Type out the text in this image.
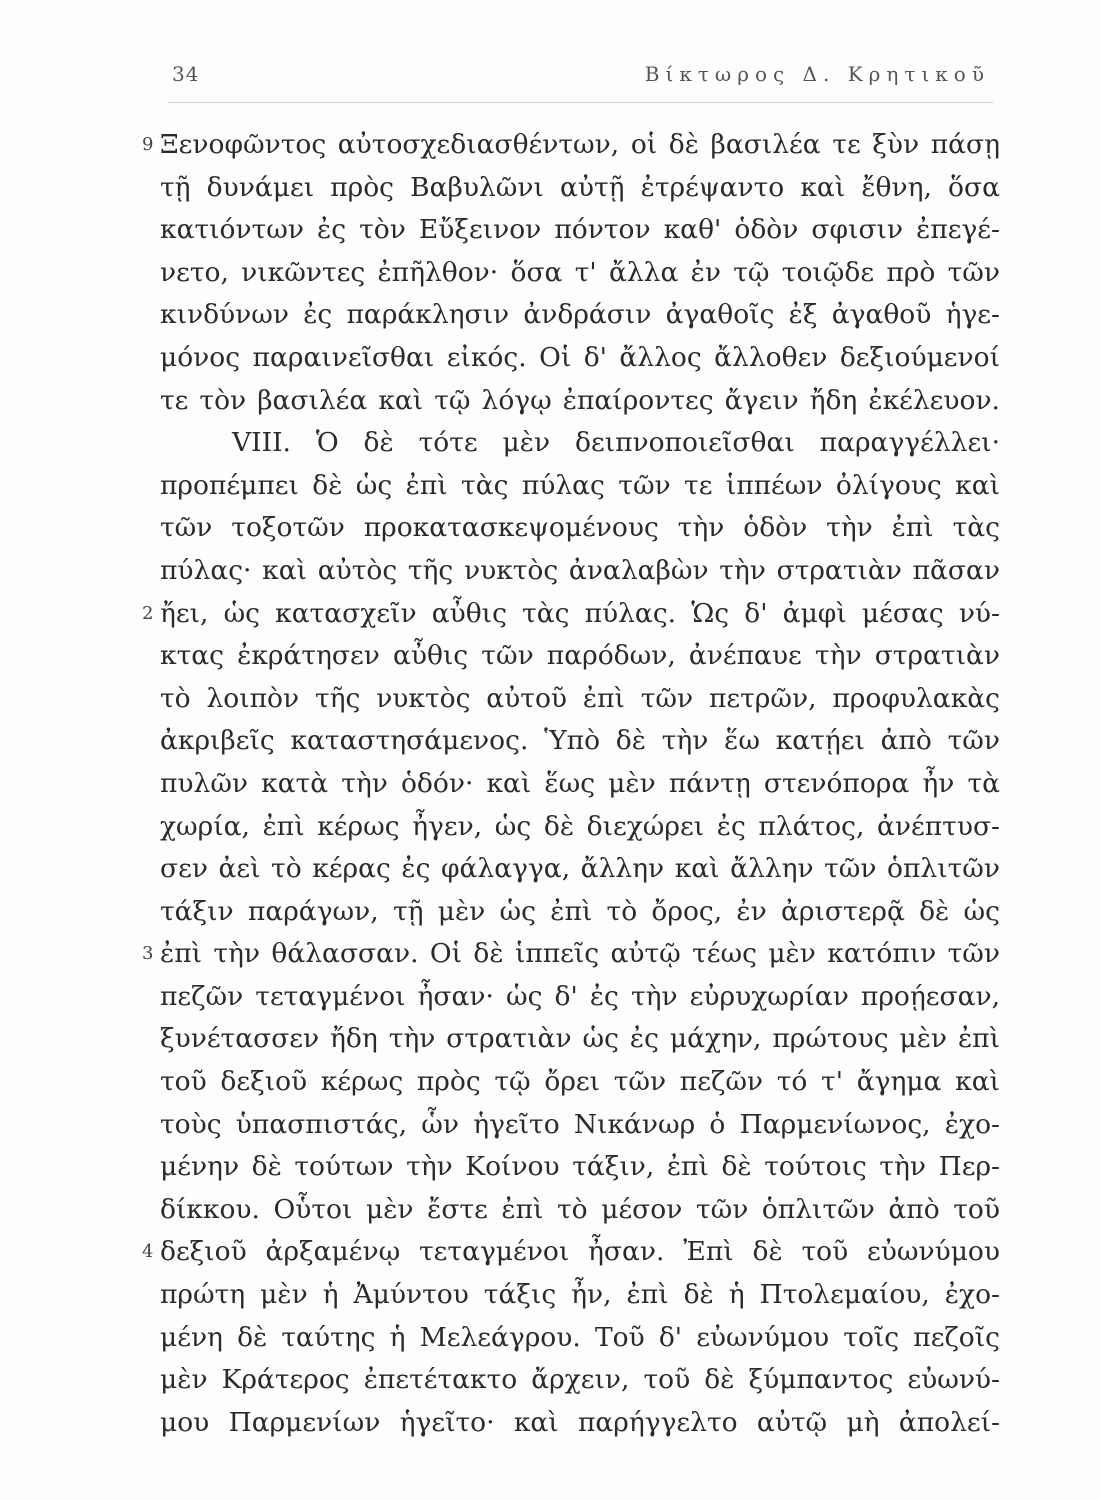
34	Βίκτωρος Δ. Κρητικοῦ
9 Ξενοφῶντος αὐτοσχεδιασθέντων, οἱ δὲ βασιλέα τε ξὺν πάσῃ
τῇ δυνάμει πρὸς Βαβυλῶνι αὐτῇ ἐτρέψαντο καὶ ἔθνη, ὅσα
κατιόντων ἐς τὸν Εὔξεινον πόντον καθ' ὁδὸν σφισιν ἐπεγέ-
νετο, νικῶντες ἐπῆλθον· ὅσα τ' ἄλλα ἐν τῷ τοιῷδε πρὸ τῶν
κινδύνων ἐς παράκλησιν ἀνδράσιν ἀγαθοῖς ἐξ ἀγαθοῦ ἡγε-
μόνος παραινεῖσθαι εἰκός. Οἱ δ' ἄλλος ἄλλοθεν δεξιούμενοί
τε τὸν βασιλέα καὶ τῷ λόγῳ ἐπαίροντες ἄγειν ἤδη ἐκέλευον.
VIII. Ὁ δὲ τότε μὲν δειπνοποιεῖσθαι παραγγέλλει·
προπέμπει δὲ ὡς ἐπὶ τὰς πύλας τῶν τε ἱππέων ὀλίγους καὶ
τῶν τοξοτῶν προκατασκεψομένους τὴν ὁδὸν τὴν ἐπὶ τὰς
πύλας· καὶ αὐτὸς τῆς νυκτὸς ἀναλαβὼν τὴν στρατιὰν πᾶσαν
2 ἤει, ὡς κατασχεῖν αὖθις τὰς πύλας. Ὡς δ' ἀμφὶ μέσας νύ-
κτας ἐκράτησεν αὖθις τῶν παρόδων, ἀνέπαυε τὴν στρατιὰν
τὸ λοιπὸν τῆς νυκτὸς αὐτοῦ ἐπὶ τῶν πετρῶν, προφυλακὰς
ἀκριβεῖς καταστησάμενος. Ὑπὸ δὲ τὴν ἕω κατῄει ἀπὸ τῶν
πυλῶν κατὰ τὴν ὁδόν· καὶ ἕως μὲν πάντῃ στενόπορα ἦν τὰ
χωρία, ἐπὶ κέρως ἦγεν, ὡς δὲ διεχώρει ἐς πλάτος, ἀνέπτυσ-
σεν ἀεὶ τὸ κέρας ἐς φάλαγγα, ἄλλην καὶ ἄλλην τῶν ὁπλιτῶν
τάξιν παράγων, τῇ μὲν ὡς ἐπὶ τὸ ὄρος, ἐν ἀριστερᾷ δὲ ὡς
3 ἐπὶ τὴν θάλασσαν. Οἱ δὲ ἱππεῖς αὐτῷ τέως μὲν κατόπιν τῶν
πεζῶν τεταγμένοι ἦσαν· ὡς δ' ἐς τὴν εὐρυχωρίαν προῄεσαν,
ξυνέτασσεν ἤδη τὴν στρατιὰν ὡς ἐς μάχην, πρώτους μὲν ἐπὶ
τοῦ δεξιοῦ κέρως πρὸς τῷ ὄρει τῶν πεζῶν τό τ' ἄγημα καὶ
τοὺς ὑπασπιστάς, ὧν ἡγεῖτο Νικάνωρ ὁ Παρμενίωνος, ἐχο-
μένην δὲ τούτων τὴν Κοίνου τάξιν, ἐπὶ δὲ τούτοις τὴν Περ-
δίκκου. Οὗτοι μὲν ἔστε ἐπὶ τὸ μέσον τῶν ὁπλιτῶν ἀπὸ τοῦ
4 δεξιοῦ ἀρξαμένῳ τεταγμένοι ἦσαν. Ἐπὶ δὲ τοῦ εὐωνύμου
πρώτη μὲν ἡ Ἀμύντου τάξις ἦν, ἐπὶ δὲ ἡ Πτολεμαίου, ἐχο-
μένη δὲ ταύτης ἡ Μελεάγρου. Τοῦ δ' εὐωνύμου τοῖς πεζοῖς
μὲν Κράτερος ἐπετέτακτο ἄρχειν, τοῦ δὲ ξύμπαντος εὐωνύ-
μου Παρμενίων ἡγεῖτο· καὶ παρήγγελτο αὐτῷ μὴ ἀπολεί-
